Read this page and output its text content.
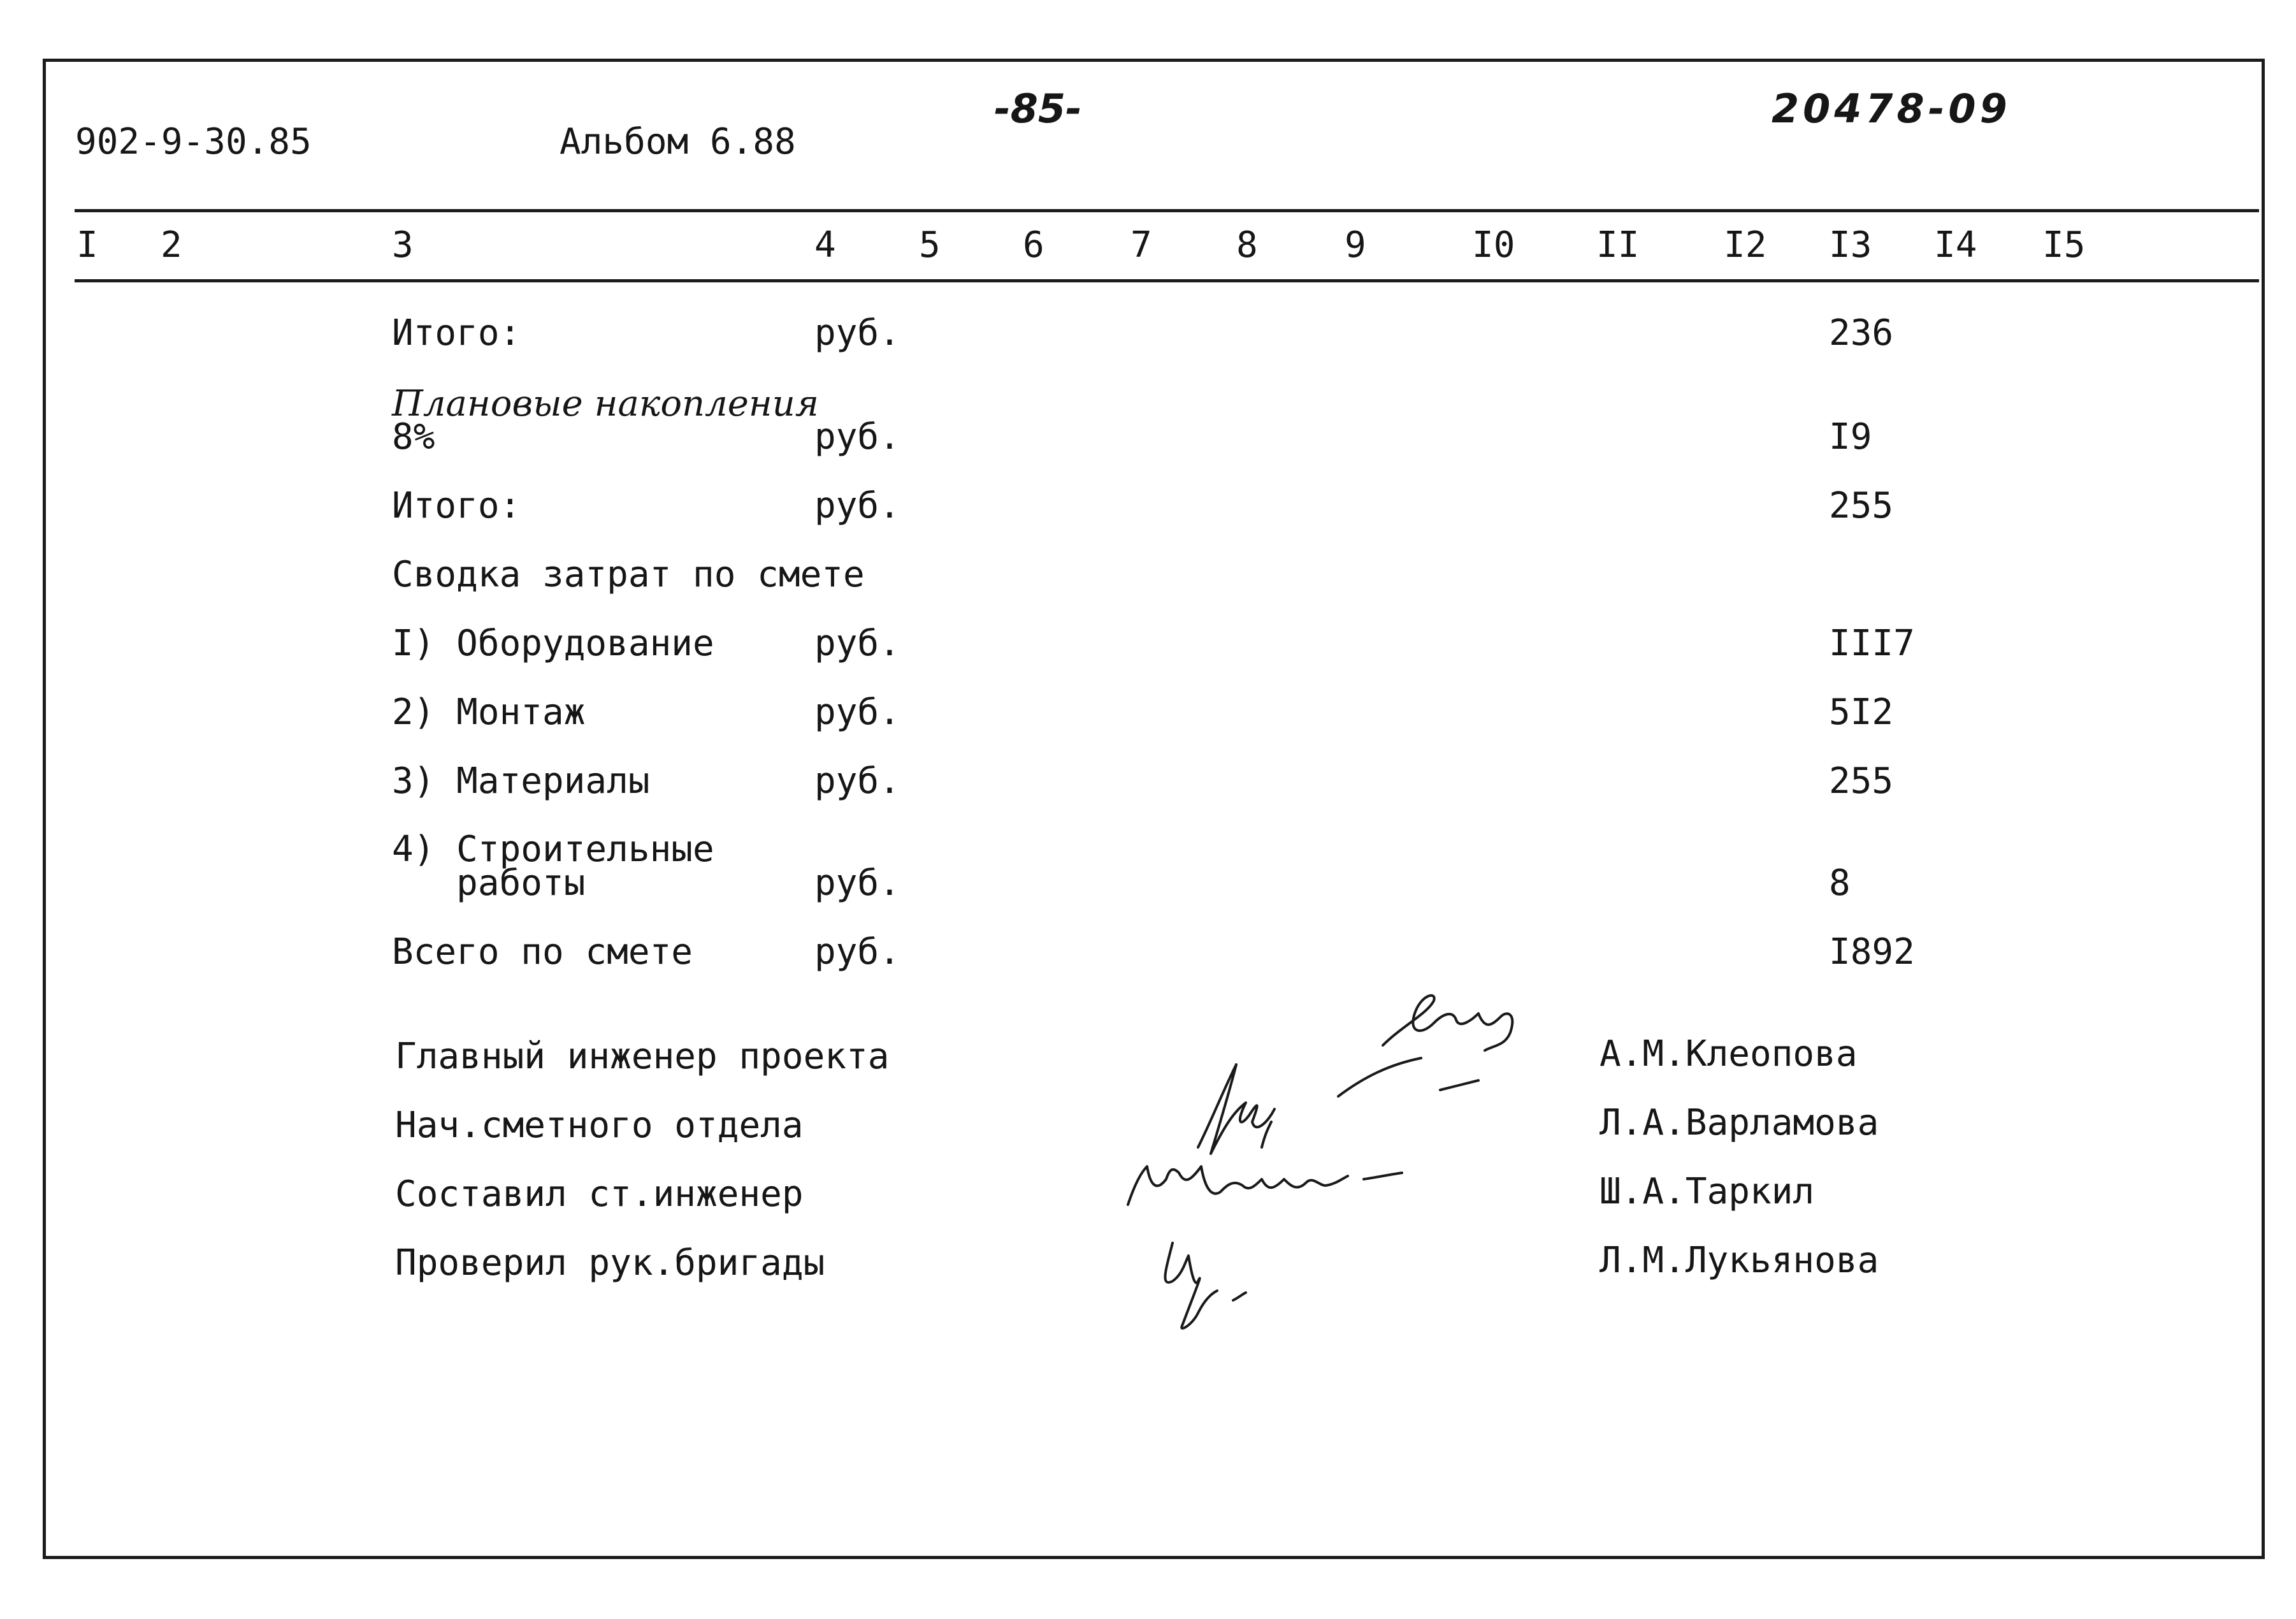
902-9-30.85	Альбом 6.88
-85-	20478-09
I 2	3	4 5 6 7 8 9	I0 II I2 I3 I4 I5
Итого:	руб.	236
Плановые накопления
8%	руб.	I9
Итого:	руб.	255
Сводка затрат по смете
I) Оборудование	руб.	III7
2) Монтаж	руб.	5I2
3) Материалы	руб.	255
4) Строительные
работы	руб.	8
Всего по смете	руб.	I892
Главный инженер проекта	А.М.Клеопова
Нач.сметного отдела	Л.А.Варламова
Составил ст.инженер	Ш.А.Таркил
Проверил рук.бригады	Л.М.Лукьянова
